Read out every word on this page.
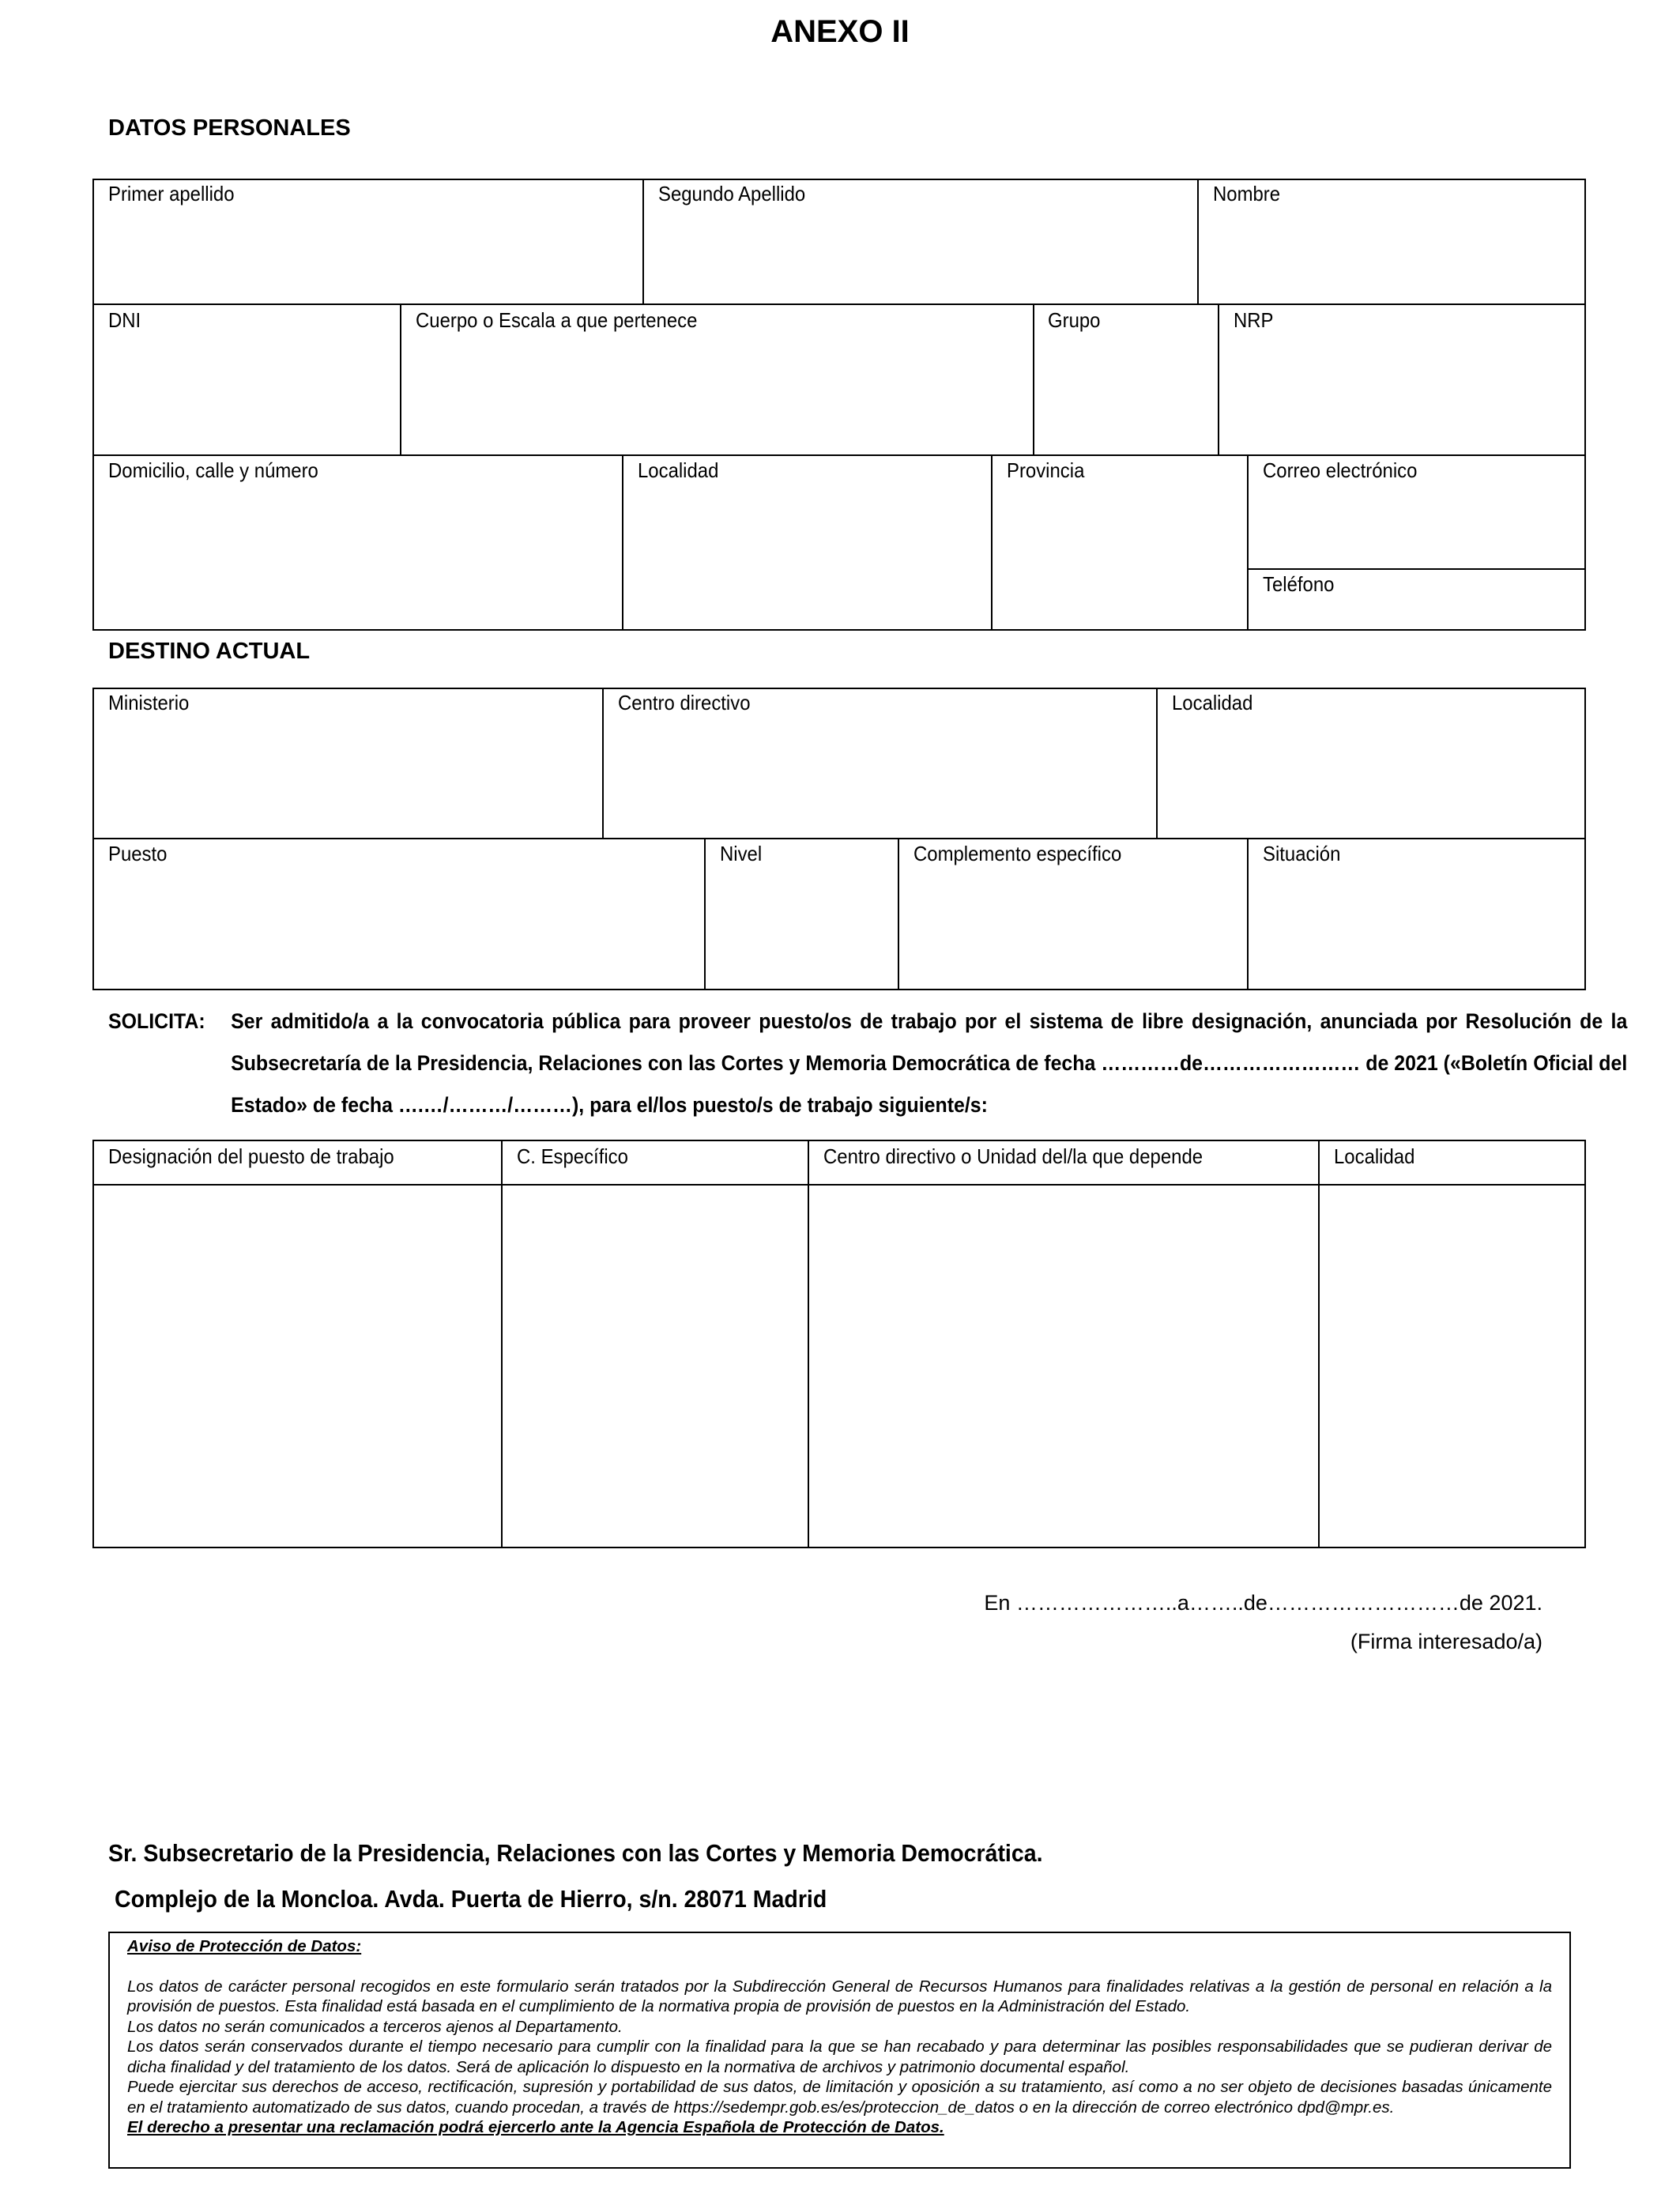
ANEXO II
DATOS PERSONALES
Primer apellido	Segundo Apellido	Nombre
DNI	Cuerpo o Escala a que pertenece	Grupo	NRP
Domicilio, calle y número	Localidad	Provincia	Correo electrónico
Teléfono
DESTINO ACTUAL
Ministerio	Centro directivo	Localidad
Puesto	Nivel	Complemento específico	Situación
SOLICITA: Ser admitido/a a la convocatoria pública para proveer puesto/os de trabajo por el sistema de libre designación, anunciada por Resolución de la Subsecretaría de la Presidencia, Relaciones con las Cortes y Memoria Democrática de fecha …………de…………………… de 2021 («Boletín Oficial del Estado» de fecha ….…/………/………), para el/los puesto/s de trabajo siguiente/s:
Designación del puesto de trabajo	C. Específico	Centro directivo o Unidad del/la que depende	Localidad
En …………………..a……..de………………………de 2021.
(Firma interesado/a)
Sr. Subsecretario de la Presidencia, Relaciones con las Cortes y Memoria Democrática.
Complejo de la Moncloa. Avda. Puerta de Hierro, s/n. 28071 Madrid
Aviso de Protección de Datos:

Los datos de carácter personal recogidos en este formulario serán tratados por la Subdirección General de Recursos Humanos para finalidades relativas a la gestión de personal en relación a la provisión de puestos. Esta finalidad está basada en el cumplimiento de la normativa propia de provisión de puestos en la Administración del Estado.

Los datos no serán comunicados a terceros ajenos al Departamento.

Los datos serán conservados durante el tiempo necesario para cumplir con la finalidad para la que se han recabado y para determinar las posibles responsabilidades que se pudieran derivar de dicha finalidad y del tratamiento de los datos. Será de aplicación lo dispuesto en la normativa de archivos y patrimonio documental español.

Puede ejercitar sus derechos de acceso, rectificación, supresión y portabilidad de sus datos, de limitación y oposición a su tratamiento, así como a no ser objeto de decisiones basadas únicamente en el tratamiento automatizado de sus datos, cuando procedan, a través de https://sedempr.gob.es/es/proteccion_de_datos o en la dirección de correo electrónico dpd@mpr.es.

El derecho a presentar una reclamación podrá ejercerlo ante la Agencia Española de Protección de Datos.
